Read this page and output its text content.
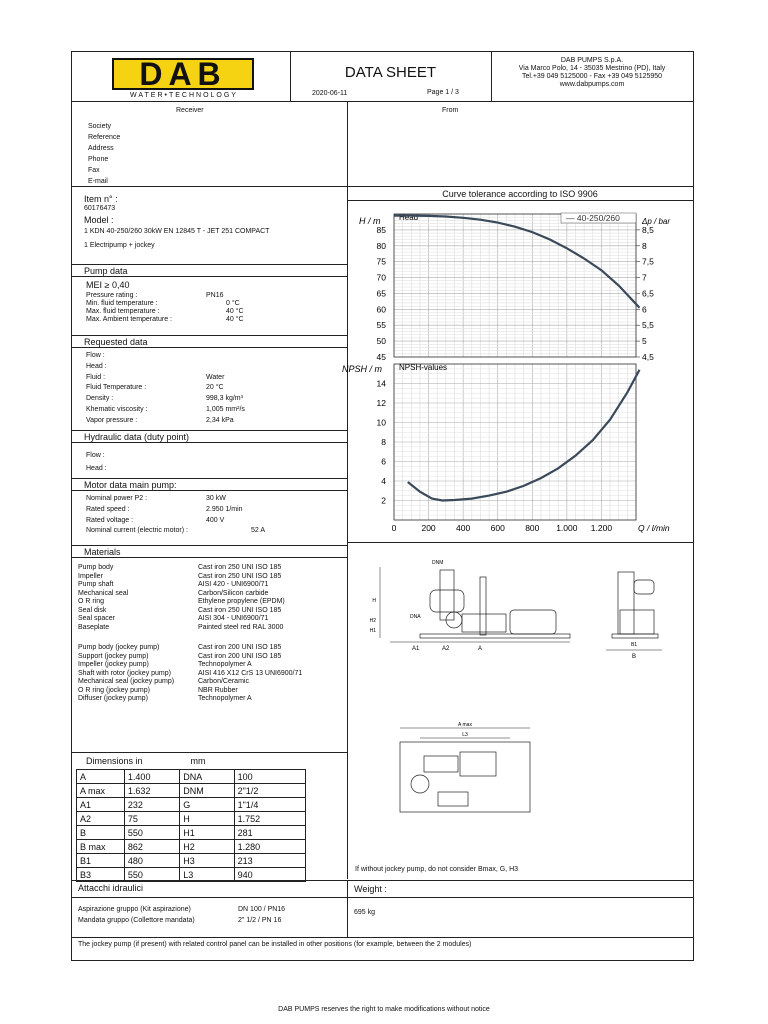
DAB
WATER•TECHNOLOGY
DATA SHEET
2020-06-11	Page 1 / 3
DAB PUMPS S.p.A.
Via Marco Polo, 14 - 35035 Mestrino (PD), Italy
Tel.+39 049 5125000 - Fax +39 049 5125950
www.dabpumps.com
Receiver	From
Society
Reference
Address
Phone
Fax
E-mail
Item n° :
60176473
Model :
1 KDN 40-250/260 30kW EN 12845 T - JET 251 COMPACT
1 Electripump + jockey
Pump data
MEI ≥ 0,40
Pressure rating :	PN16
Min. fluid temperature :	0 °C
Max. fluid temperature :	40 °C
Max. Ambient temperature :	40 °C
Requested data
Flow :
Head :
Fluid :	Water
Fluid Temperature :	20 °C
Density :	998,3 kg/m³
Khematic viscosity :	1,005 mm²/s
Vapor pressure :	2,34 kPa
Hydraulic data (duty point)
Flow :
Head :
Motor data main pump:
Nominal power P2 :	30 kW
Rated speed :	2.950 1/min
Rated voltage :	400 V
Nominal current (electric motor) :	52 A
Materials
Pump body	Cast iron 250 UNI ISO 185
Impeller	Cast iron 250 UNI ISO 185
Pump shaft	AISI 420 - UNI6900/71
Mechanical seal	Carbon/Silicon carbide
O R ring	Ethylene propylene (EPDM)
Seal disk	Cast iron 250 UNI ISO 185
Seal spacer	AISI 304 - UNI6900/71
Baseplate	Painted steel red RAL 3000
Pump body (jockey pump)	Cast iron 200 UNI ISO 185
Support (jockey pump)	Cast iron 200 UNI ISO 185
Impeller (jockey pump)	Technopolymer A
Shaft with rotor (jockey pump)	AISI 416 X12 CrS 13 UNI6900/71
Mechanical seal (jockey pump)	Carbon/Ceramic
O R ring (jockey pump)	NBR Rubber
Diffuser (jockey pump)	Technopolymer A
Dimensions in	mm
A	1.400	DNA	100
A max	1.632	DNM	2"1/2
A1	232	G	1"1/4
A2	75	H	1.752
B	550	H1	281
B max	862	H2	1.280
B1	480	H3	213
B3	550	L3	940
Attacchi idraulici
Aspirazione gruppo (Kit aspirazione)	DN 100 / PN16
Mandata gruppo (Collettore mandata)	2" 1/2 / PN 16
Weight :
695 kg
The jockey pump (if present) with related control panel can be installed in other positions (for example, between the 2 modules)
Curve tolerance according to ISO 9906
45
50
55
60
65
70
75
80
85
4,5
5
5,5
6
6,5
7
7,5
8
8,5
H / m	Δp / bar
Head	— 40-250/260
2
4
6
8
10
12
14
NPSH / m NPSH-values
0	200 400 600 800 1.000 1.200	Q / l/min
A
A1	A2
DNM
DNA
H
H2
H1
B
B1
A max
L3
If without jockey pump, do not consider Bmax, G, H3
DAB PUMPS reserves the right to make modifications without notice
